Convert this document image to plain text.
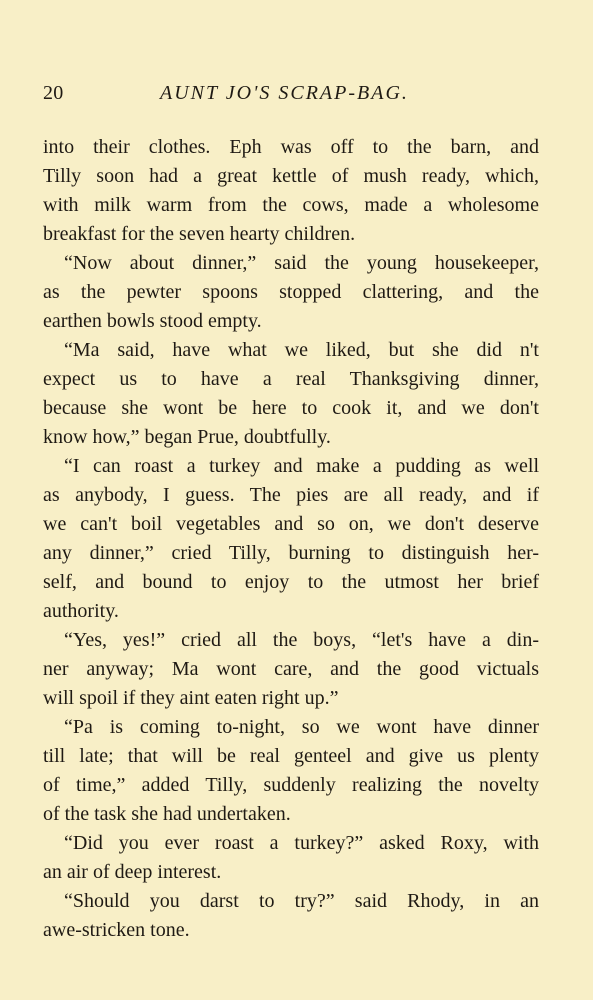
20	AUNT JO'S SCRAP-BAG.
into their clothes. Eph was off to the barn, and
Tilly soon had a great kettle of mush ready, which,
with milk warm from the cows, made a wholesome
breakfast for the seven hearty children.
“Now about dinner,” said the young housekeeper,
as the pewter spoons stopped clattering, and the
earthen bowls stood empty.
“Ma said, have what we liked, but she did n't
expect us to have a real Thanksgiving dinner,
because she wont be here to cook it, and we don't
know how,” began Prue, doubtfully.
“I can roast a turkey and make a pudding as well
as anybody, I guess. The pies are all ready, and if
we can't boil vegetables and so on, we don't deserve
any dinner,” cried Tilly, burning to distinguish her-
self, and bound to enjoy to the utmost her brief
authority.
“Yes, yes!” cried all the boys, “let's have a din-
ner anyway; Ma wont care, and the good victuals
will spoil if they aint eaten right up.”
“Pa is coming to-night, so we wont have dinner
till late; that will be real genteel and give us plenty
of time,” added Tilly, suddenly realizing the novelty
of the task she had undertaken.
“Did you ever roast a turkey?” asked Roxy, with
an air of deep interest.
“Should you darst to try?” said Rhody, in an
awe-stricken tone.
